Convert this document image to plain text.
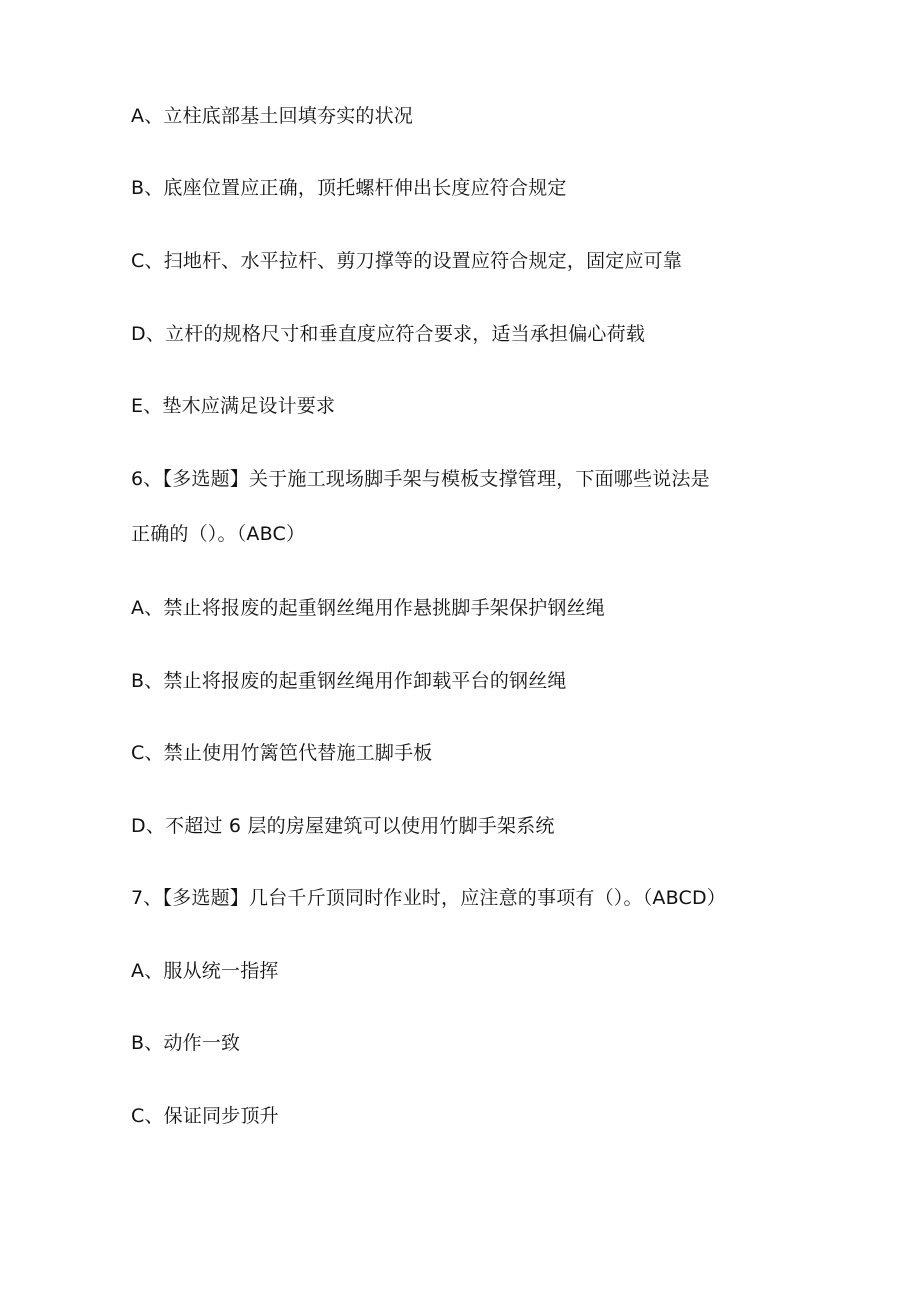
A、立柱底部基土回填夯实的状况
B、底座位置应正确，顶托螺杆伸出长度应符合规定
C、扫地杆、水平拉杆、剪刀撑等的设置应符合规定，固定应可靠
D、立杆的规格尺寸和垂直度应符合要求，适当承担偏心荷载
E、垫木应满足设计要求
6、【多选题】关于施工现场脚手架与模板支撑管理，下面哪些说法是
正确的（）。（ABC）
A、禁止将报废的起重钢丝绳用作悬挑脚手架保护钢丝绳
B、禁止将报废的起重钢丝绳用作卸载平台的钢丝绳
C、禁止使用竹篱笆代替施工脚手板
D、不超过 6 层的房屋建筑可以使用竹脚手架系统
7、【多选题】几台千斤顶同时作业时，应注意的事项有（）。（ABCD）
A、服从统一指挥
B、动作一致
C、保证同步顶升
